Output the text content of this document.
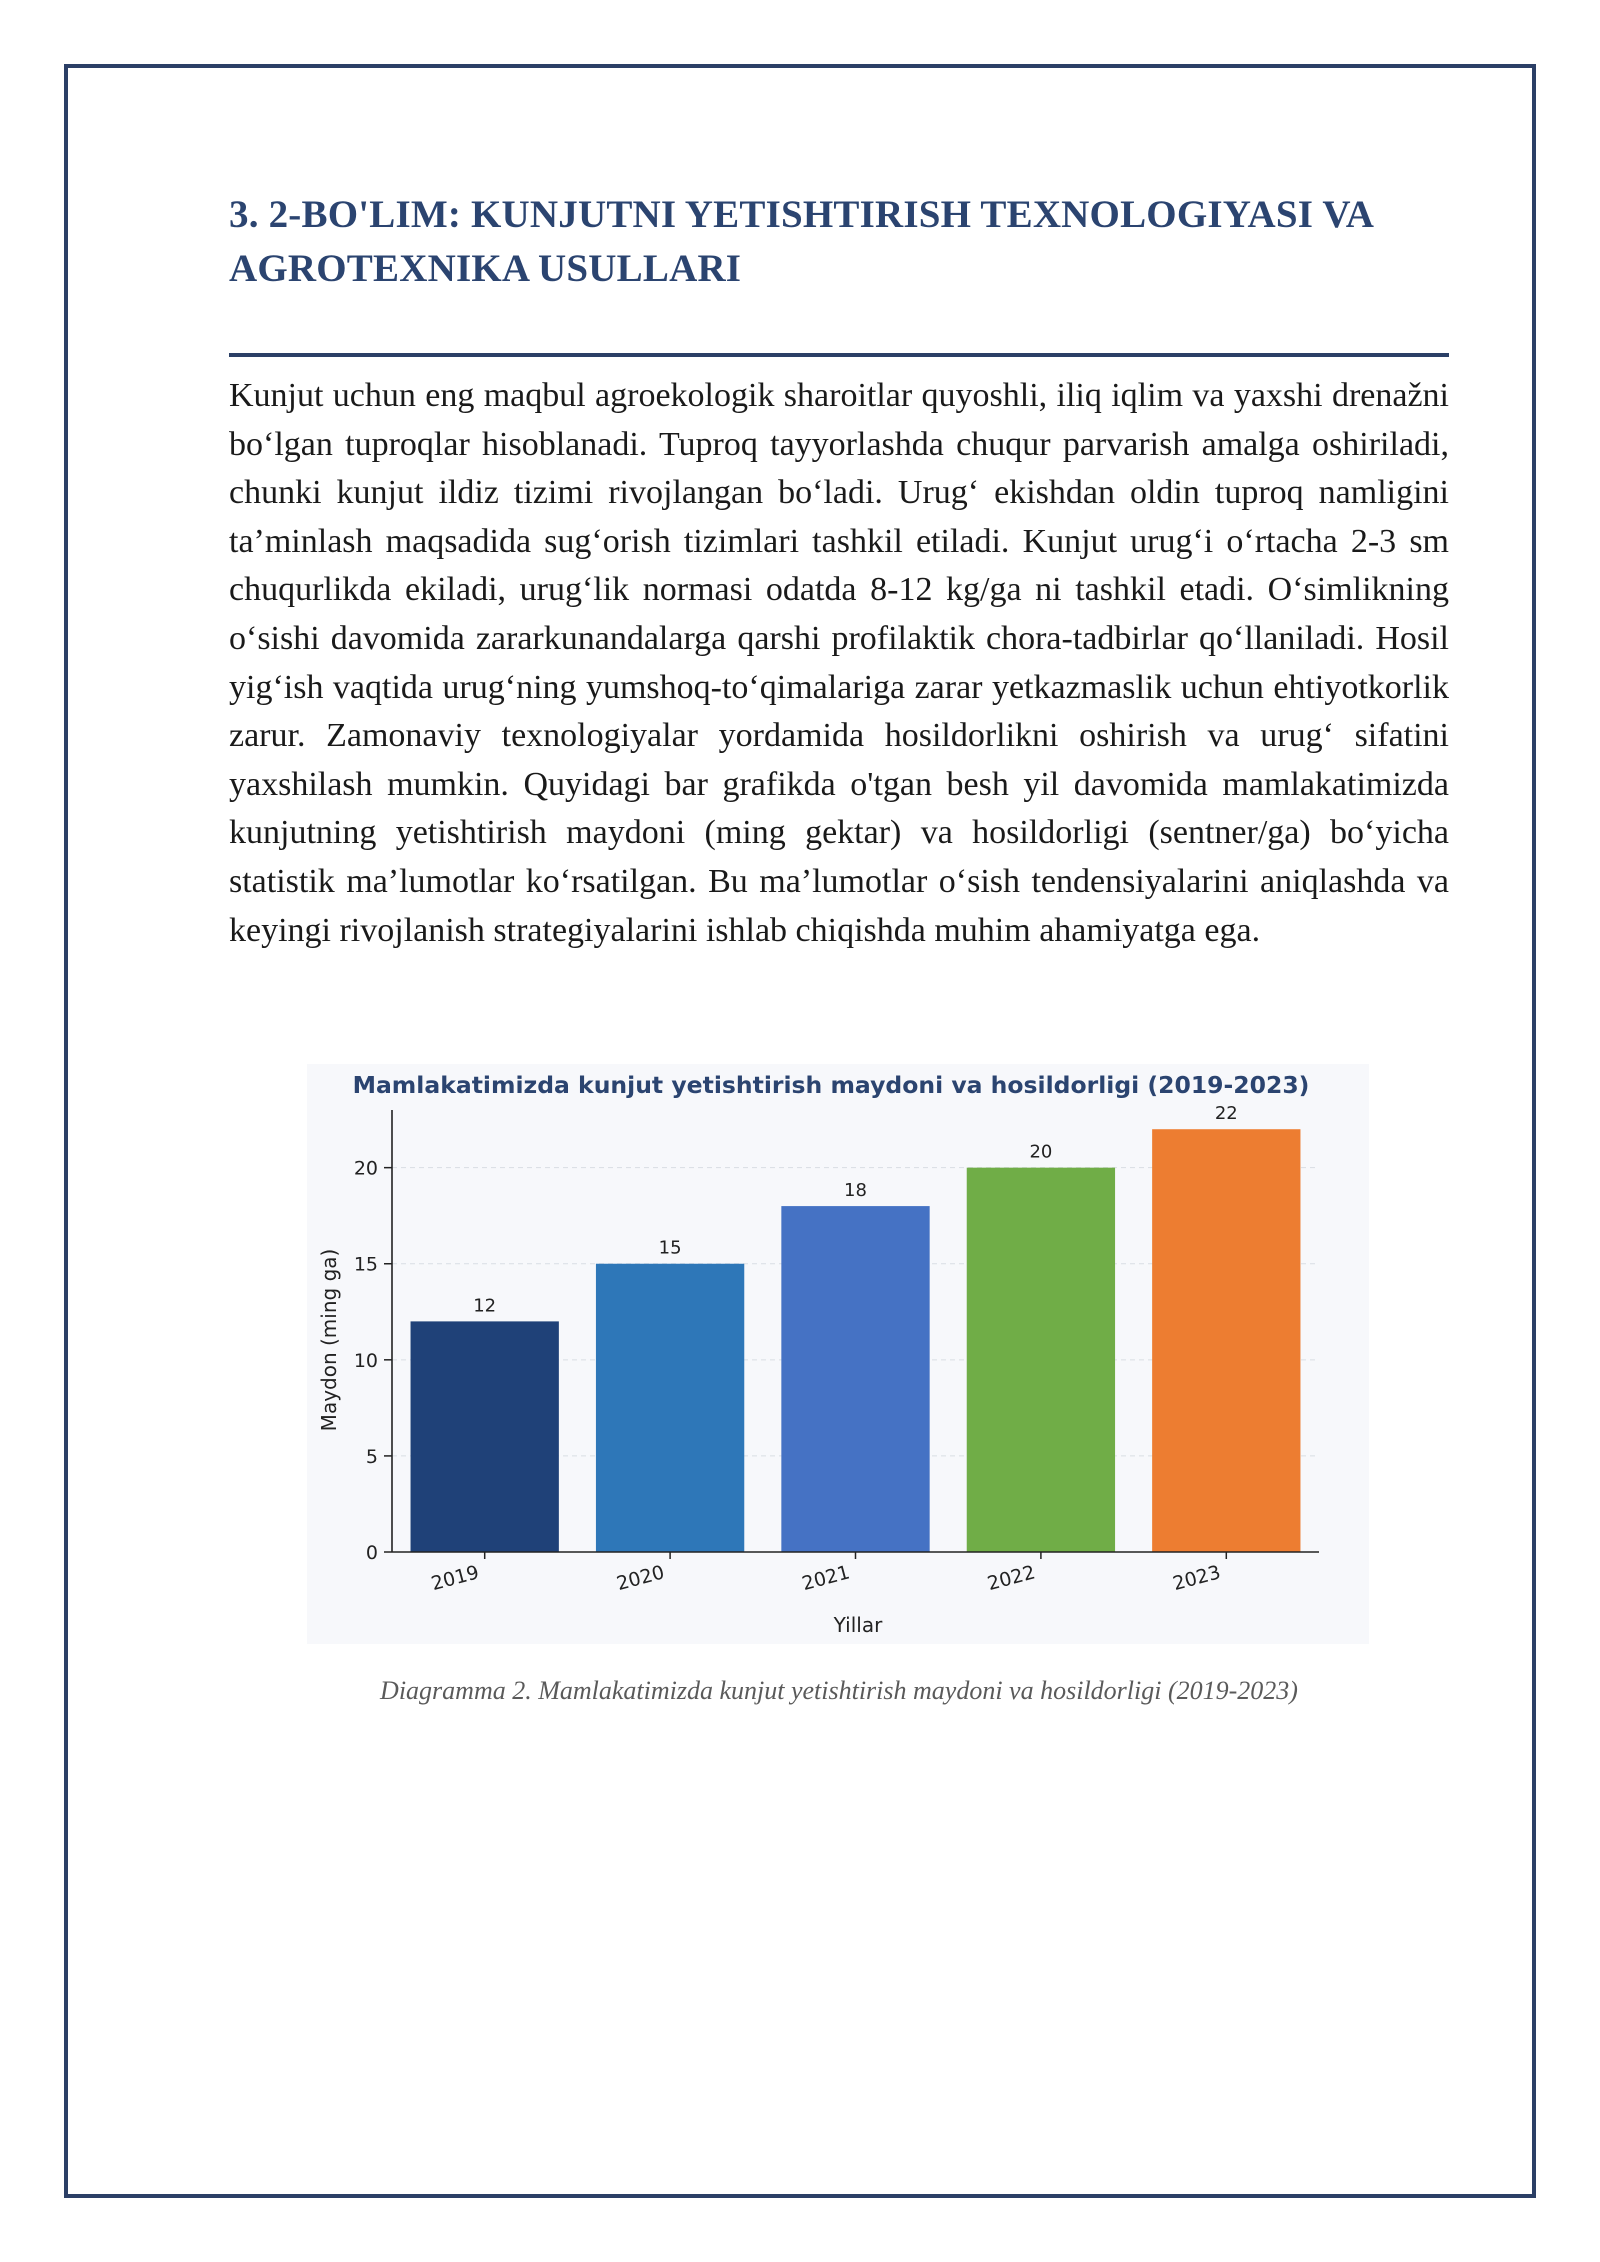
3. 2-BO'LIM: KUNJUTNI YETISHTIRISH TEXNOLOGIYASI VA AGROTEXNIKA USULLARI

Kunjut uchun eng maqbul agroekologik sharoitlar quyoshli, iliq iqlim va yaxshi drenažni bo‘lgan tuproqlar hisoblanadi. Tuproq tayyorlashda chuqur parvarish amalga oshiriladi, chunki kunjut ildiz tizimi rivojlangan bo‘ladi. Urug‘ ekishdan oldin tuproq namligini ta’minlash maqsadida sug‘orish tizimlari tashkil etiladi. Kunjut urug‘i o‘rtacha 2-3 sm chuqurlikda ekiladi, urug‘lik normasi odatda 8-12 kg/ga ni tashkil etadi. O‘simlikning o‘sishi davomida zararkunandalarga qarshi profilaktik chora-tadbirlar qo‘llaniladi. Hosil yig‘ish vaqtida urug‘ning yumshoq-to‘qimalariga zarar yetkazmaslik uchun ehtiyotkorlik zarur. Zamonaviy texnologiyalar yordamida hosildorlikni oshirish va urug‘ sifatini yaxshilash mumkin. Quyidagi bar grafikda o'tgan besh yil davomida mamlakatimizda kunjutning yetishtirish maydoni (ming gektar) va hosildorligi (sentner/ga) bo‘yicha statistik ma’lumotlar ko‘rsatilgan. Bu ma’lumotlar o‘sish tendensiyalarini aniqlashda va keyingi rivojlanish strategiyalarini ishlab chiqishda muhim ahamiyatga ega.

Mamlakatimizda kunjut yetishtirish maydoni va hosildorligi (2019-2023)
0
5
10
15
20
2019	2020	2021	2022	2023
12
15
18
20
22
Yillar
Maydon (ming ga)

Diagramma 2. Mamlakatimizda kunjut yetishtirish maydoni va hosildorligi (2019-2023)
